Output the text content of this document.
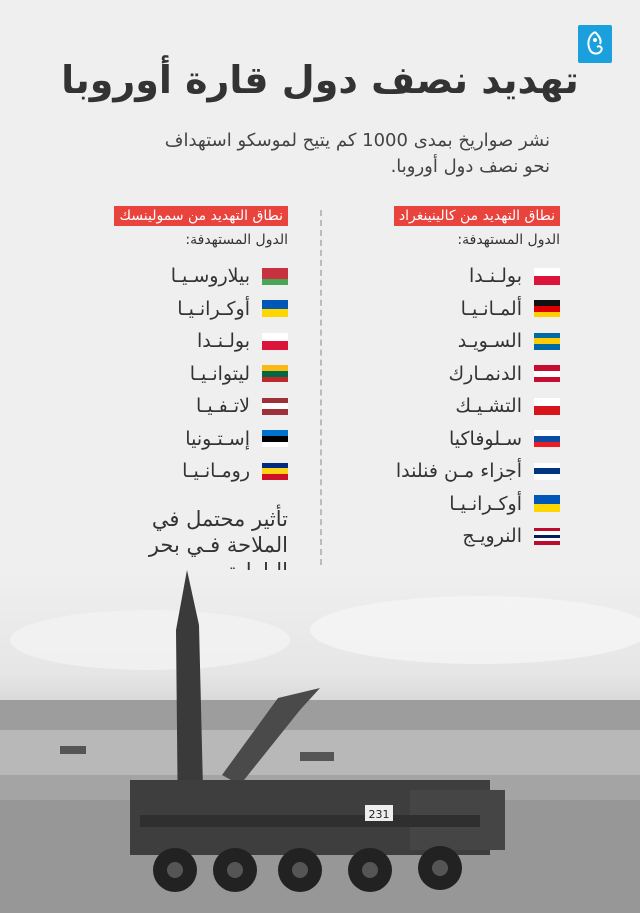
تهديد نصف دول قارة أوروبا
نشر صواريخ بمدى 1000 كم يتيح لموسكو استهداف نحو نصف دول أوروبا.
نطاق التهديد من كالينينغراد
الدول المستهدفة:
بولـنـدا
ألمـانـيـا
السـويـد
الدنمـارك
التشـيـك
سـلوفاكيا
أجزاء مـن فنلندا
أوكـرانـيـا
النرويـج
نطاق التهديد من سمولينسك
الدول المستهدفة:
بيلاروسـيـا
أوكـرانـيـا
بولـنـدا
ليتوانـيـا
لاتـفـيـا
إسـتـونيا
رومـانـيـا
تأثير محتمل في الملاحة فـي بحر
231
